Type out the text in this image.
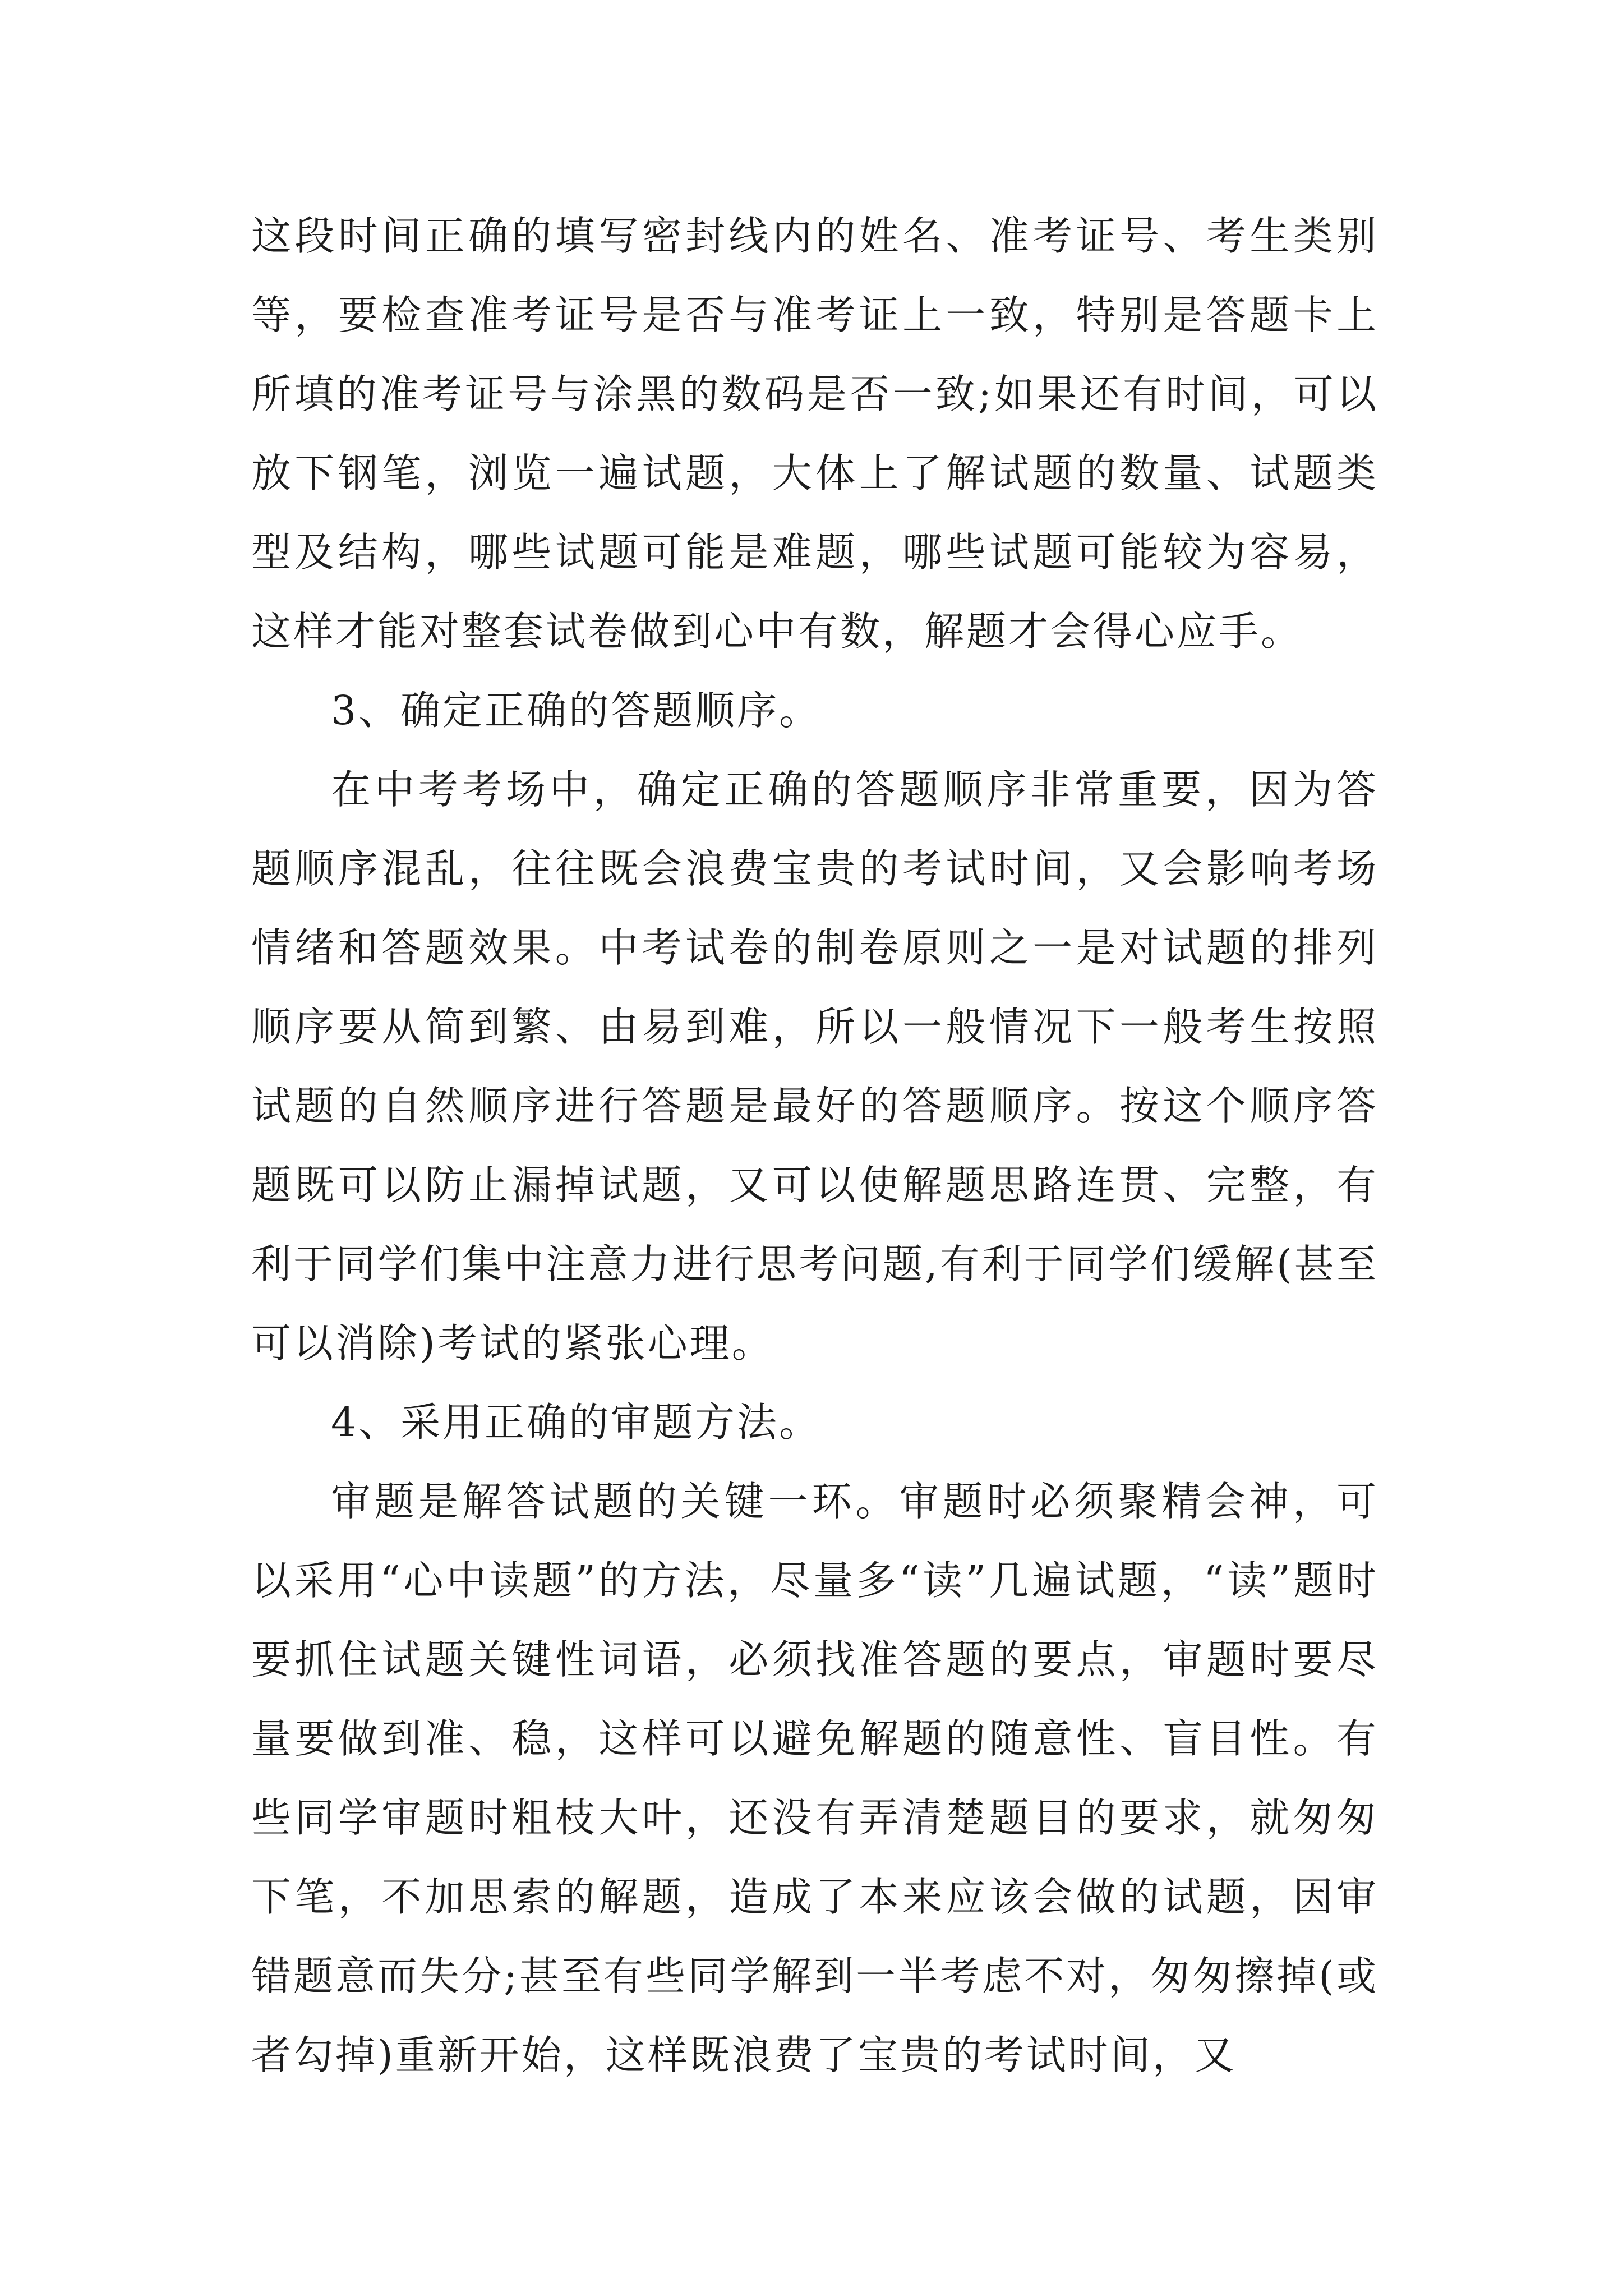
这段时间正确的填写密封线内的姓名、准考证号、考生类别等，要检查准考证号是否与准考证上一致，特别是答题卡上所填的准考证号与涂黑的数码是否一致;如果还有时间，可以放下钢笔，浏览一遍试题，大体上了解试题的数量、试题类型及结构，哪些试题可能是难题，哪些试题可能较为容易，这样才能对整套试卷做到心中有数，解题才会得心应手。

3、确定正确的答题顺序。

在中考考场中，确定正确的答题顺序非常重要，因为答题顺序混乱，往往既会浪费宝贵的考试时间，又会影响考场情绪和答题效果。中考试卷的制卷原则之一是对试题的排列顺序要从简到繁、由易到难，所以一般情况下一般考生按照试题的自然顺序进行答题是最好的答题顺序。按这个顺序答题既可以防止漏掉试题，又可以使解题思路连贯、完整，有利于同学们集中注意力进行思考问题,有利于同学们缓解(甚至可以消除)考试的紧张心理。

4、采用正确的审题方法。

审题是解答试题的关键一环。审题时必须聚精会神，可以采用“心中读题”的方法，尽量多“读”几遍试题，“读”题时要抓住试题关键性词语，必须找准答题的要点，审题时要尽量要做到准、稳，这样可以避免解题的随意性、盲目性。有些同学审题时粗枝大叶，还没有弄清楚题目的要求，就匆匆下笔，不加思索的解题，造成了本来应该会做的试题，因审错题意而失分;甚至有些同学解到一半考虑不对，匆匆擦掉(或者勾掉)重新开始，这样既浪费了宝贵的考试时间，又
